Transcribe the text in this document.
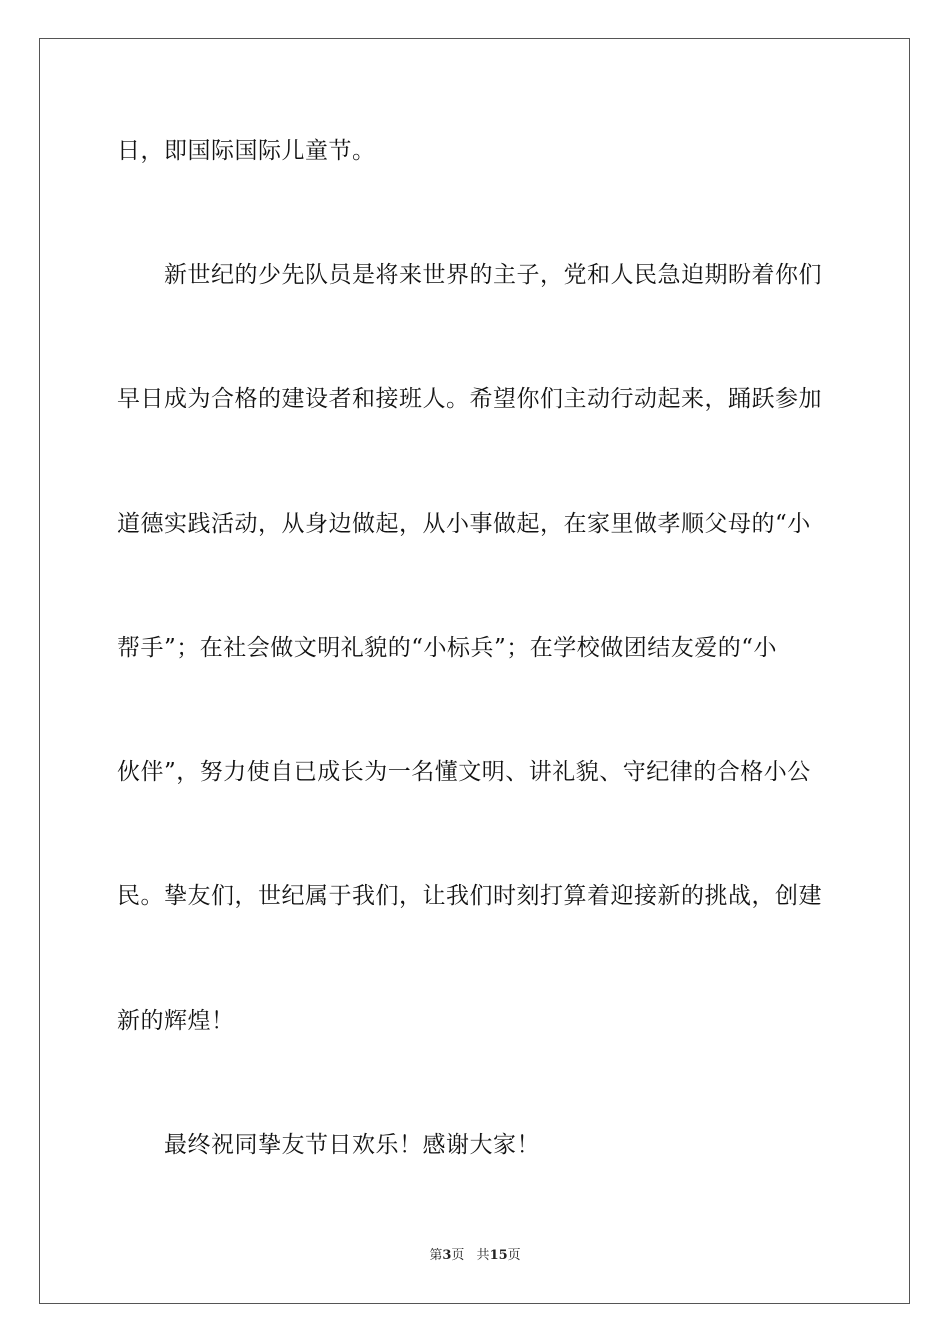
日，即国际国际儿童节。
　　新世纪的少先队员是将来世界的主子，党和人民急迫期盼着你们
早日成为合格的建设者和接班人。希望你们主动行动起来，踊跃参加
道德实践活动，从身边做起，从小事做起，在家里做孝顺父母的“小
帮手”；在社会做文明礼貌的“小标兵”；在学校做团结友爱的“小
伙伴”，努力使自已成长为一名懂文明、讲礼貌、守纪律的合格小公
民。挚友们，世纪属于我们，让我们时刻打算着迎接新的挑战，创建
新的辉煌！
　　最终祝同挚友节日欢乐！感谢大家！
第3页 共15页
